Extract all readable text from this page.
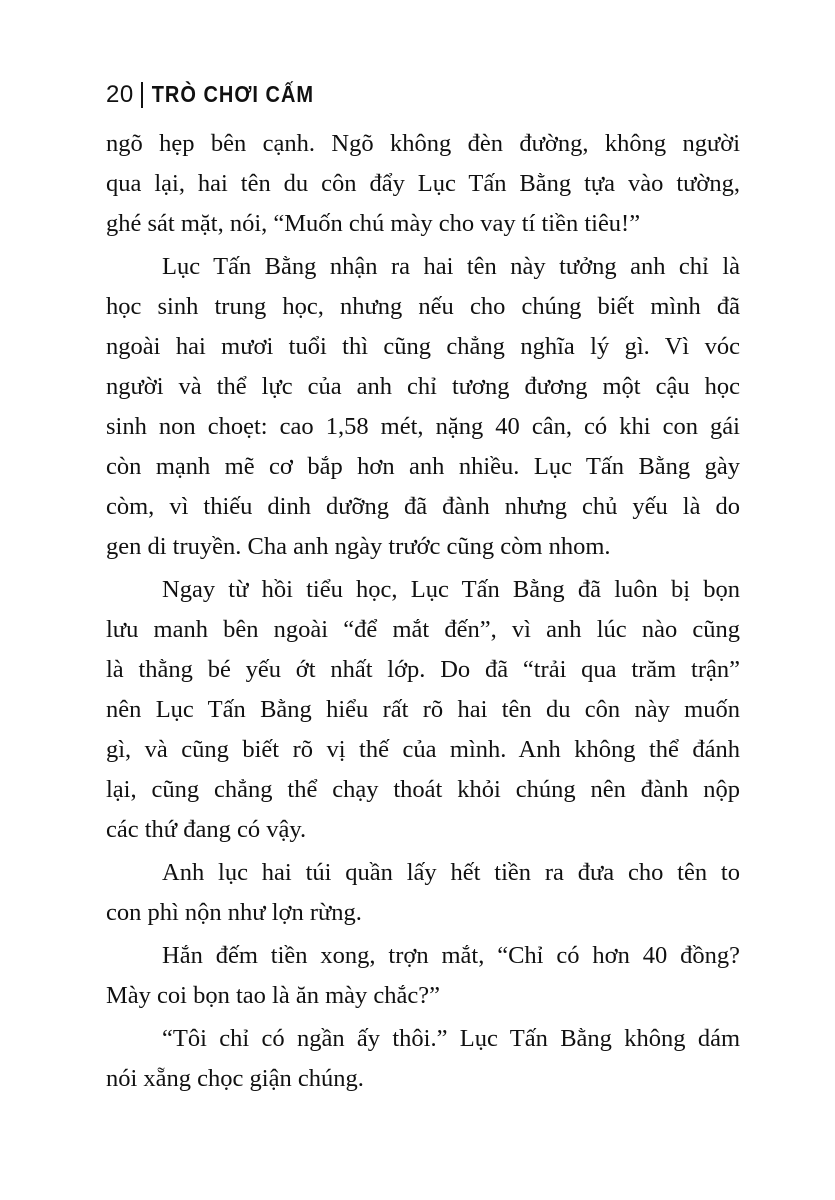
20 TRÒ CHƠI CẤM
ngõ hẹp bên cạnh. Ngõ không đèn đường, không người
qua lại, hai tên du côn đẩy Lục Tấn Bằng tựa vào tường,
ghé sát mặt, nói, “Muốn chú mày cho vay tí tiền tiêu!”
Lục Tấn Bằng nhận ra hai tên này tưởng anh chỉ là
học sinh trung học, nhưng nếu cho chúng biết mình đã
ngoài hai mươi tuổi thì cũng chẳng nghĩa lý gì. Vì vóc
người và thể lực của anh chỉ tương đương một cậu học
sinh non choẹt: cao 1,58 mét, nặng 40 cân, có khi con gái
còn mạnh mẽ cơ bắp hơn anh nhiều. Lục Tấn Bằng gày
còm, vì thiếu dinh dưỡng đã đành nhưng chủ yếu là do
gen di truyền. Cha anh ngày trước cũng còm nhom.
Ngay từ hồi tiểu học, Lục Tấn Bằng đã luôn bị bọn
lưu manh bên ngoài “để mắt đến”, vì anh lúc nào cũng
là thằng bé yếu ớt nhất lớp. Do đã “trải qua trăm trận”
nên Lục Tấn Bằng hiểu rất rõ hai tên du côn này muốn
gì, và cũng biết rõ vị thế của mình. Anh không thể đánh
lại, cũng chẳng thể chạy thoát khỏi chúng nên đành nộp
các thứ đang có vậy.
Anh lục hai túi quần lấy hết tiền ra đưa cho tên to
con phì nộn như lợn rừng.
Hắn đếm tiền xong, trợn mắt, “Chỉ có hơn 40 đồng?
Mày coi bọn tao là ăn mày chắc?”
“Tôi chỉ có ngần ấy thôi.” Lục Tấn Bằng không dám
nói xẵng chọc giận chúng.
